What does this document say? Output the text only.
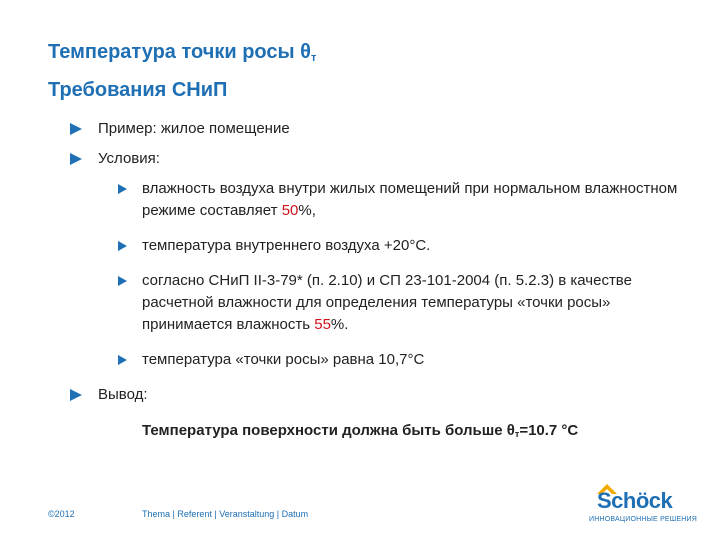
Температура точки росы $\theta_т$
Требования СНиП
Пример: жилое помещение
Условия:
влажность воздуха внутри жилых помещений при нормальном влажностном режиме составляет 50%,
температура внутреннего воздуха +20°С.
согласно СНиП II-3-79* (п. 2.10) и СП 23-101-2004 (п. 5.2.3) в качестве расчетной влажности для определения температуры «точки росы» принимается влажность 55%.
температура «точки росы» равна 10,7°С
Вывод:
Температура поверхности должна быть больше $\theta_т=10.7$ °С
©2012	Thema | Referent | Veranstaltung | Datum
Schöck
ИННОВАЦИОННЫЕ РЕШЕНИЯ
